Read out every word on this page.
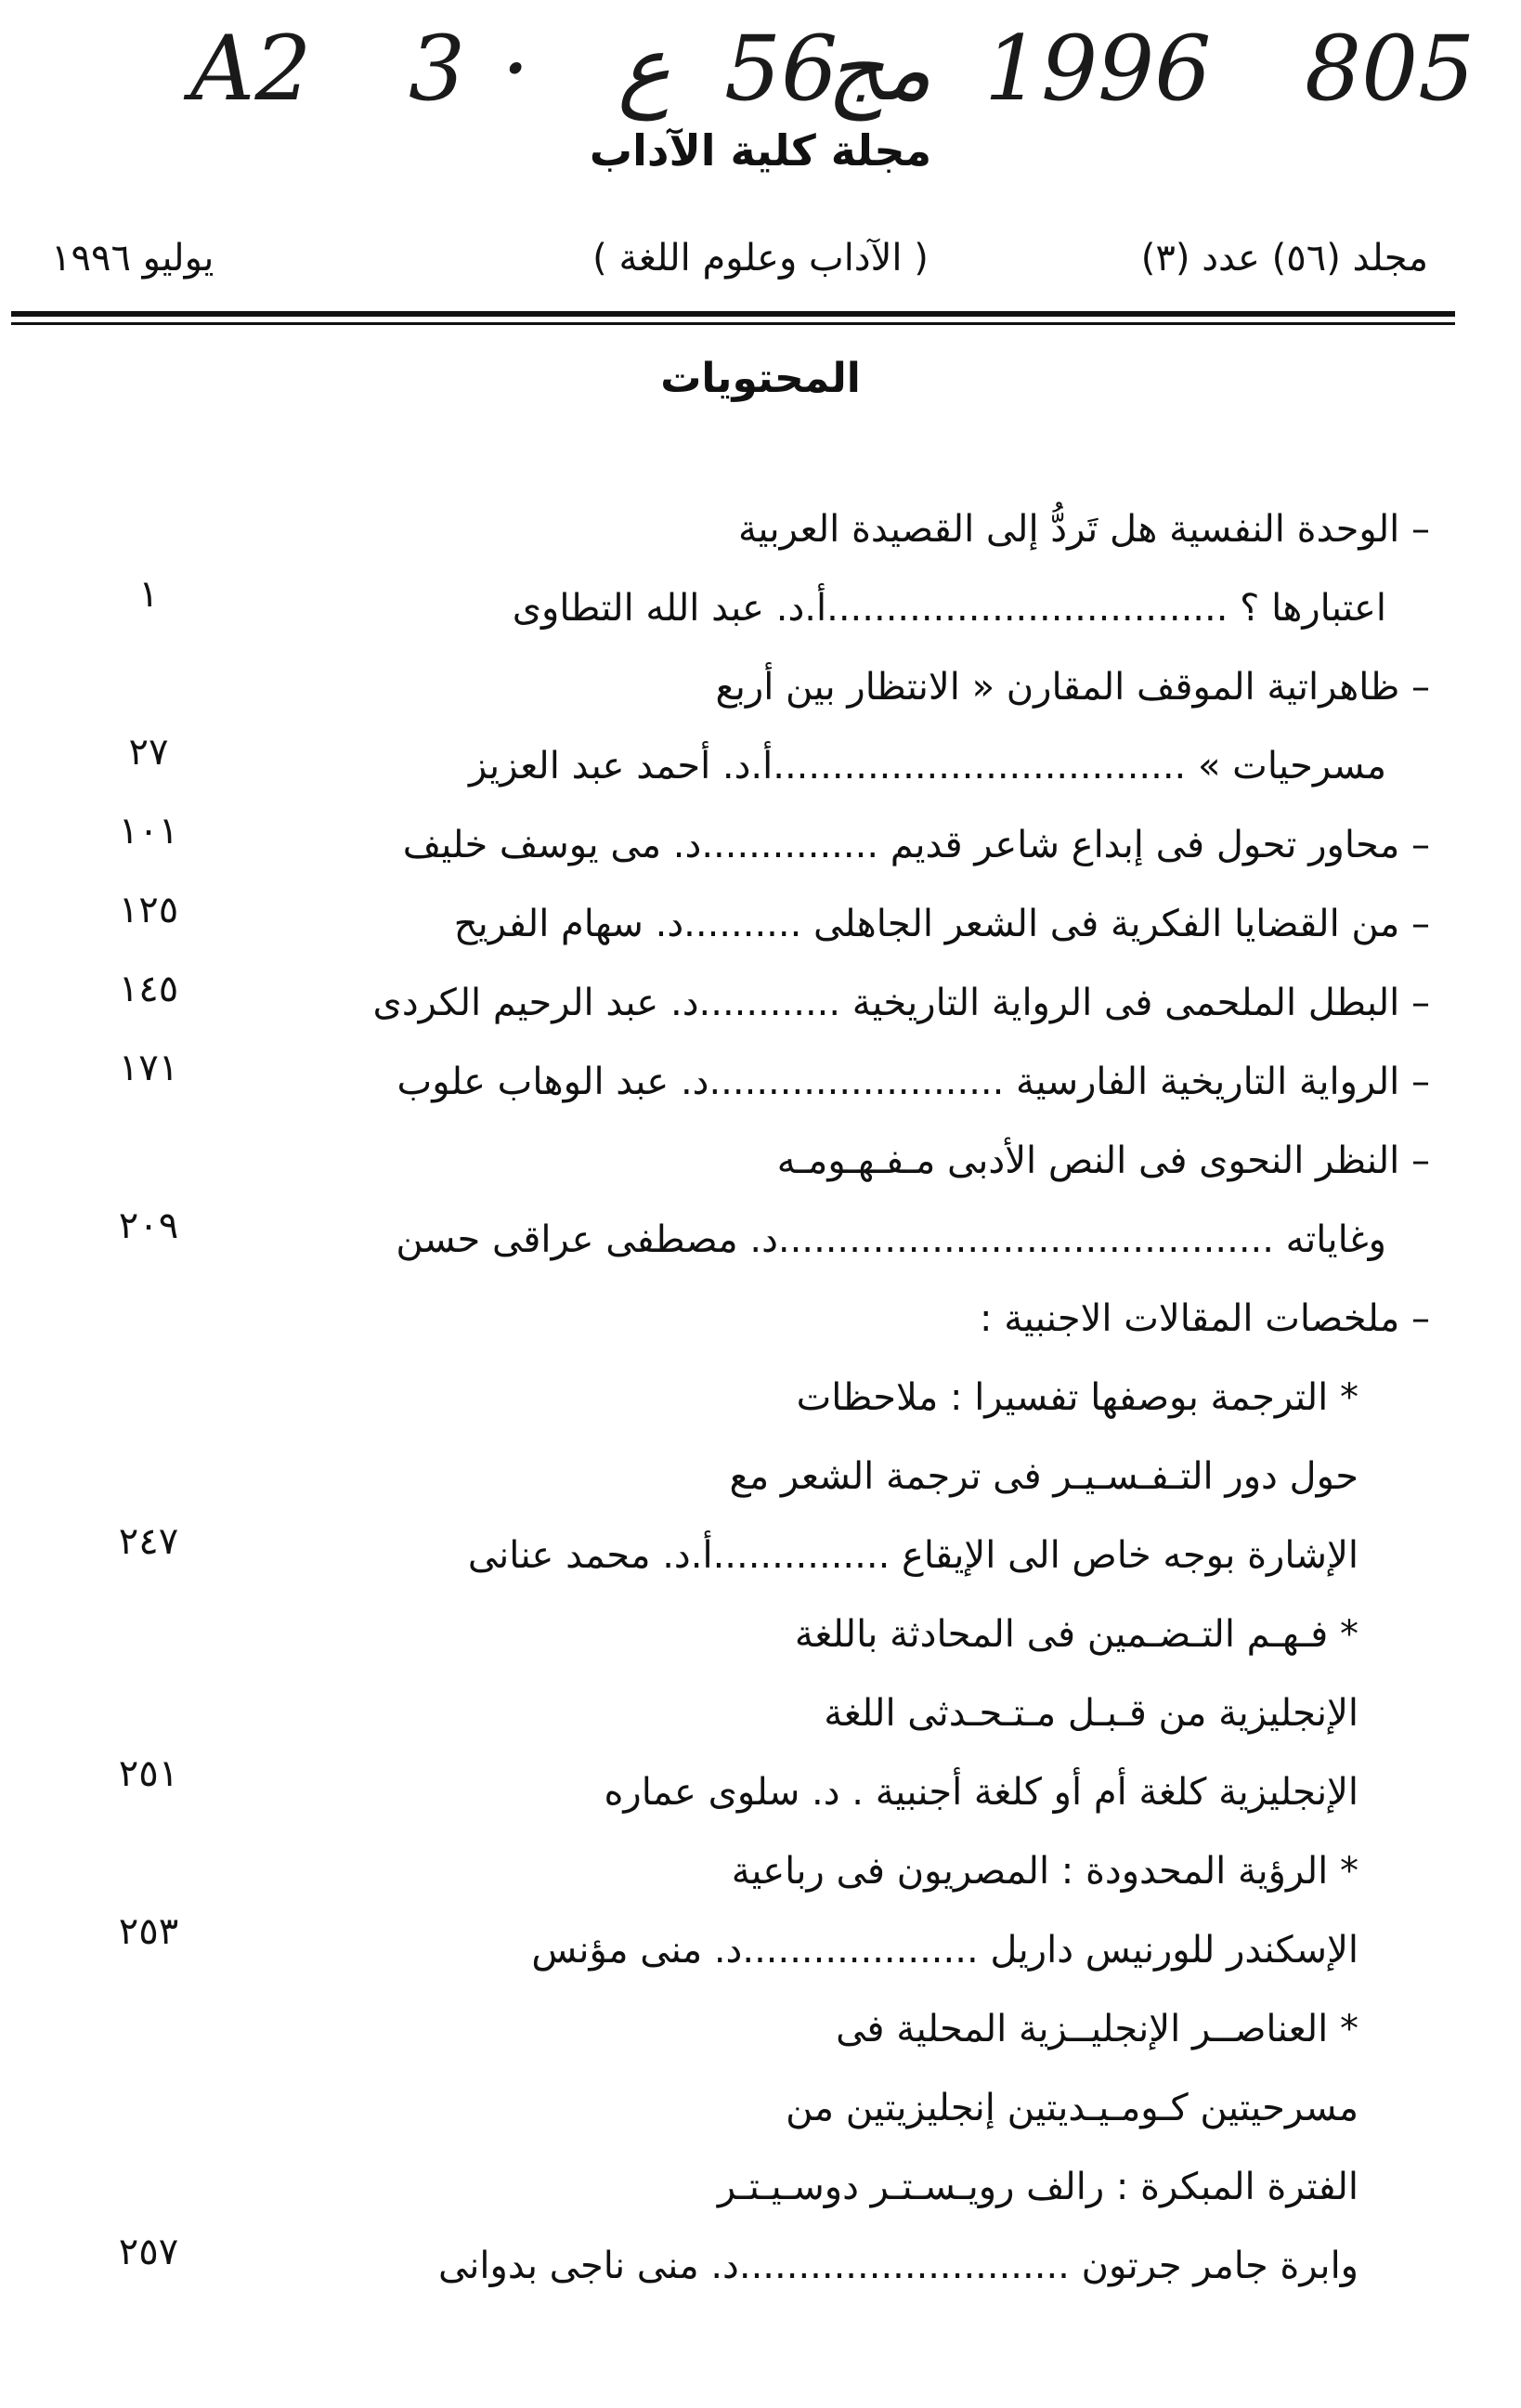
A2 3 · ع 56
مج 1996 805
مجلة كلية الآداب
مجلد (٥٦) عدد (٣)
( الآداب وعلوم اللغة )
يوليو ١٩٩٦
المحتويات
– الوحدة النفسية هل تَردُّ إلى القصيدة العربية
اعتبارها ؟ ..................................أ.د. عبد الله التطاوى
– ظاهراتية الموقف المقارن « الانتظار بين أربع
مسرحيات » ...................................أ.د. أحمد عبد العزيز
– محاور تحول فى إبداع شاعر قديم ...............د. مى يوسف خليف
– من القضايا الفكرية فى الشعر الجاهلى ..........د. سهام الفريح
– البطل الملحمى فى الرواية التاريخية ............د. عبد الرحيم الكردى
– الرواية التاريخية الفارسية .........................د. عبد الوهاب علوب
– النظر النحوى فى النص الأدبى مـفـهـومـه
وغاياته ..........................................د. مصطفى عراقى حسن
– ملخصات المقالات الاجنبية :
* الترجمة بوصفها تفسيرا : ملاحظات
حول دور التـفـسـيـر فى ترجمة الشعر مع
الإشارة بوجه خاص الى الإيقاع ...............أ.د. محمد عنانى
* فـهـم التـضـمين فى المحادثة باللغة
الإنجليزية من قـبـل مـتـحـدثى اللغة
الإنجليزية كلغة أم أو كلغة أجنبية . د. سلوى عماره
* الرؤية المحدودة : المصريون فى رباعية
الإسكندر للورنيس داريل ....................د. منى مؤنس
* العناصــر الإنجليــزية المحلية فى
مسرحيتين كـومـيـديتين إنجليزيتين من
الفترة المبكرة : رالف رويـسـتـر دوسـيـتـر
وابرة جامر جرتون ............................د. منى ناجى بدوانى
١
٢٧
١٠١
١٢٥
١٤٥
١٧١
٢٠٩
٢٤٧
٢٥١
٢٥٣
٢٥٧
